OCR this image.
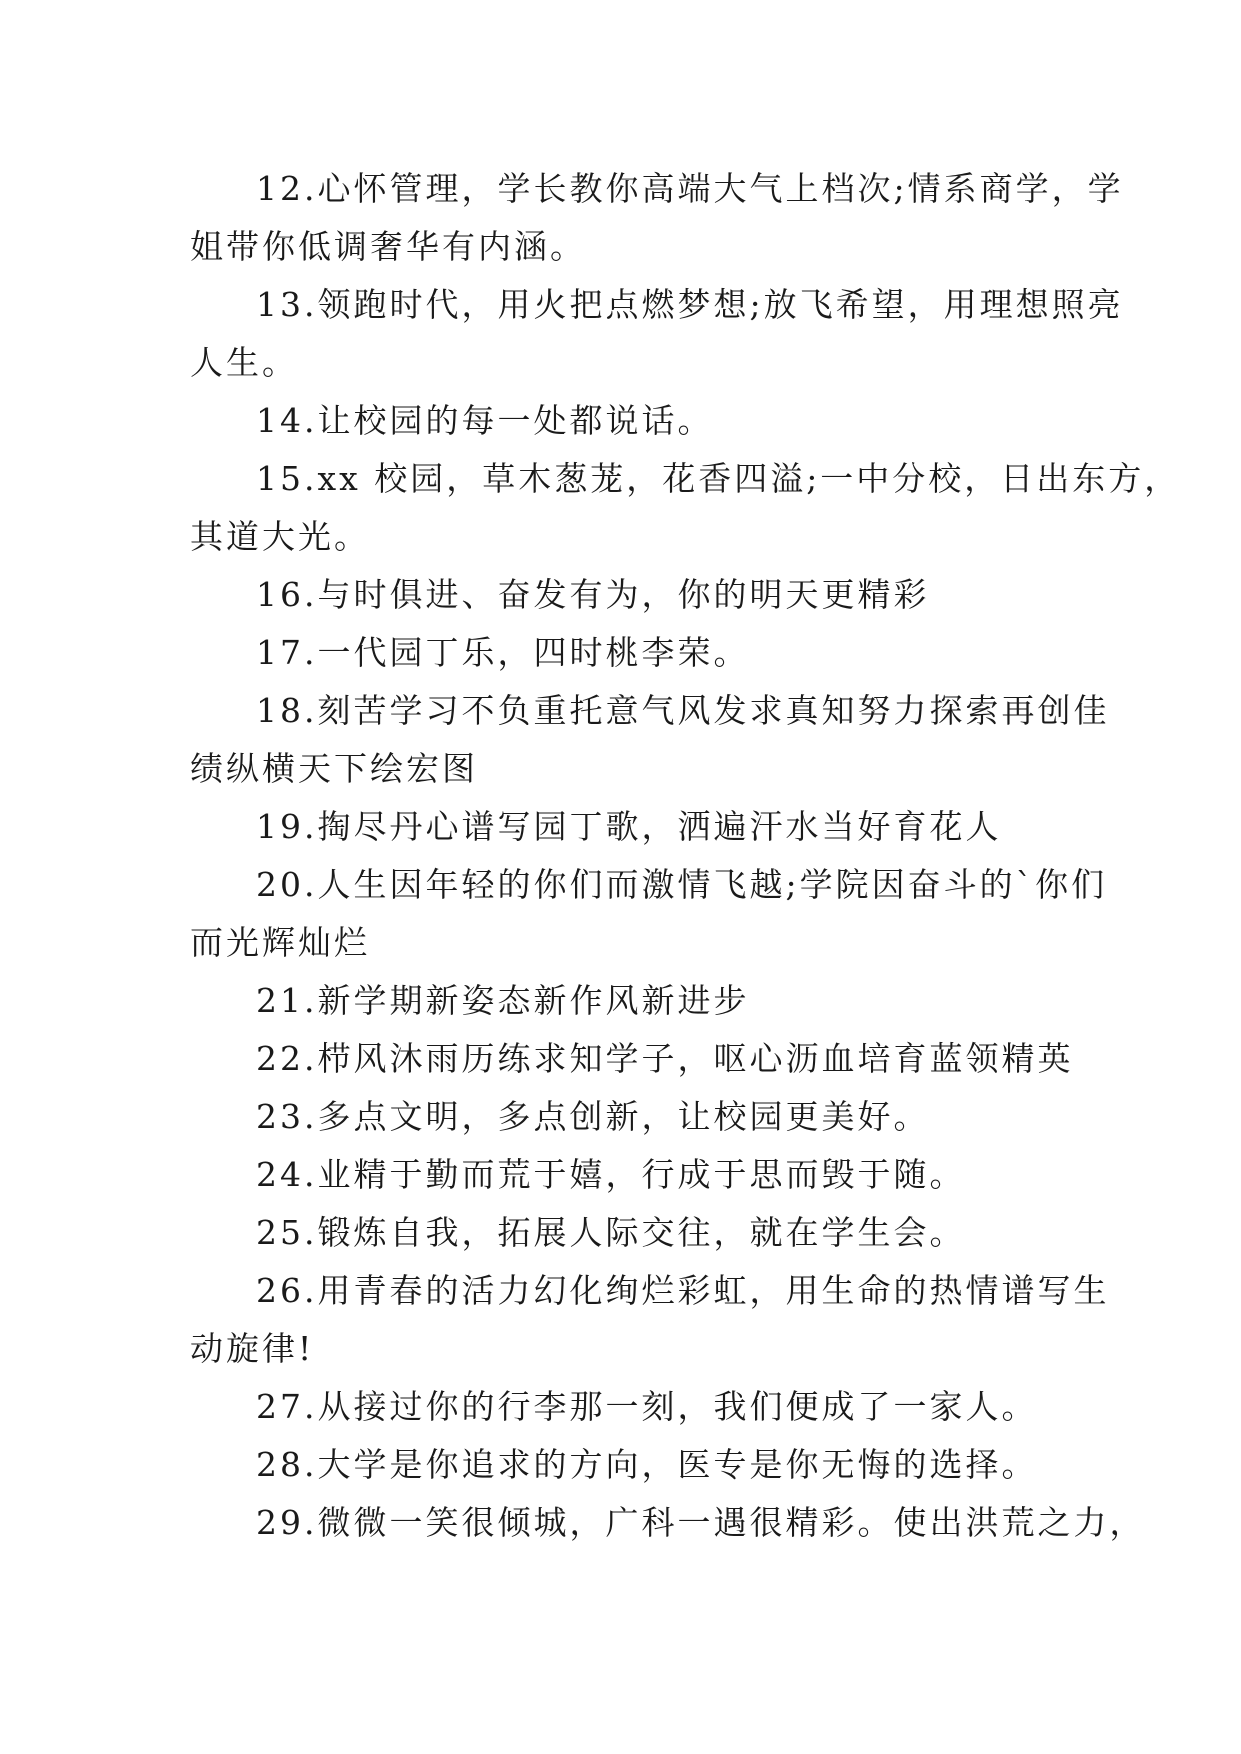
12.心怀管理，学长教你高端大气上档次;情系商学，学
姐带你低调奢华有内涵。

13.领跑时代，用火把点燃梦想;放飞希望，用理想照亮
人生。

14.让校园的每一处都说话。

15.xx 校园，草木葱茏，花香四溢;一中分校，日出东方，
其道大光。

16.与时俱进、奋发有为，你的明天更精彩

17.一代园丁乐，四时桃李荣。

18.刻苦学习不负重托意气风发求真知努力探索再创佳
绩纵横天下绘宏图

19.掏尽丹心谱写园丁歌，洒遍汗水当好育花人

20.人生因年轻的你们而激情飞越;学院因奋斗的`你们
而光辉灿烂

21.新学期新姿态新作风新进步

22.栉风沐雨历练求知学子，呕心沥血培育蓝领精英

23.多点文明，多点创新，让校园更美好。

24.业精于勤而荒于嬉，行成于思而毁于随。

25.锻炼自我，拓展人际交往，就在学生会。

26.用青春的活力幻化绚烂彩虹，用生命的热情谱写生
动旋律!

27.从接过你的行李那一刻，我们便成了一家人。

28.大学是你追求的方向，医专是你无悔的选择。

29.微微一笑很倾城，广科一遇很精彩。使出洪荒之力，
